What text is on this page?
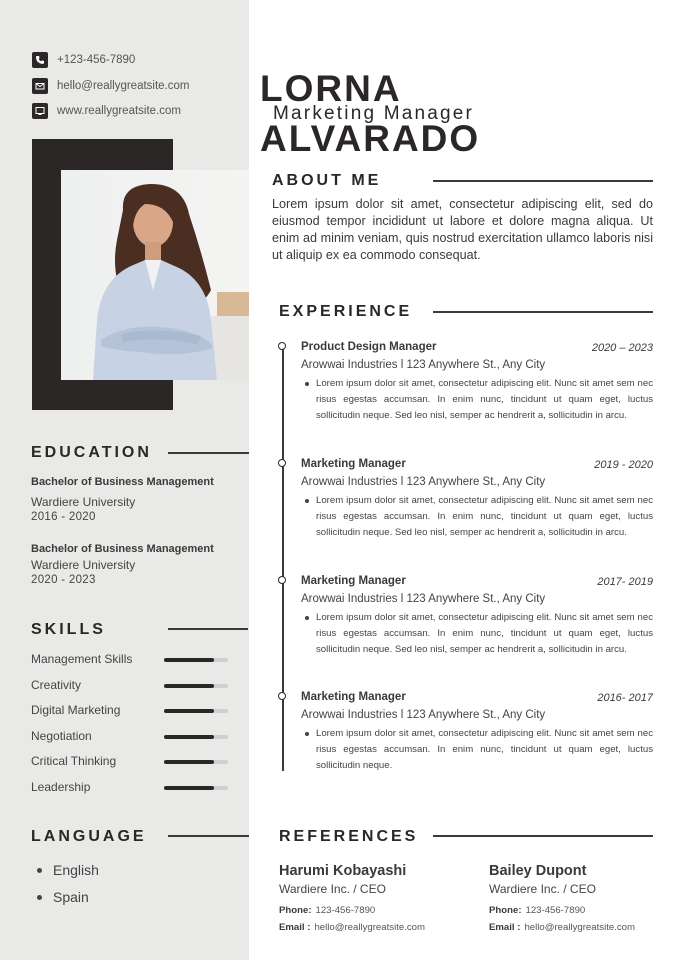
+123-456-7890
hello@reallygreatsite.com
www.reallygreatsite.com
LORNA
Marketing Manager
ALVARADO
ABOUT ME
Lorem ipsum dolor sit amet, consectetur adipiscing elit, sed do eiusmod tempor incididunt ut labore et dolore magna aliqua. Ut enim ad minim veniam, quis nostrud exercitation ullamco laboris nisi ut aliquip ex ea commodo consequat.
EDUCATION
Bachelor of Business Management
Wardiere University
2016 - 2020
Bachelor of Business Management
Wardiere University
2020 - 2023
SKILLS
Management Skills
Creativity
Digital Marketing
Negotiation
Critical Thinking
Leadership
LANGUAGE
English
Spain
EXPERIENCE
Product Design Manager	2020 – 2023
Arowwai Industries l 123 Anywhere St., Any City
Lorem ipsum dolor sit amet, consectetur adipiscing elit. Nunc sit amet sem nec risus egestas accumsan. In enim nunc, tincidunt ut quam eget, luctus sollicitudin neque. Sed leo nisl, semper ac hendrerit a, sollicitudin in arcu.
Marketing Manager	2019 - 2020
Arowwai Industries l 123 Anywhere St., Any City
Lorem ipsum dolor sit amet, consectetur adipiscing elit. Nunc sit amet sem nec risus egestas accumsan. In enim nunc, tincidunt ut quam eget, luctus sollicitudin neque. Sed leo nisl, semper ac hendrerit a, sollicitudin in arcu.
Marketing Manager	2017- 2019
Arowwai Industries l 123 Anywhere St., Any City
Lorem ipsum dolor sit amet, consectetur adipiscing elit. Nunc sit amet sem nec risus egestas accumsan. In enim nunc, tincidunt ut quam eget, luctus sollicitudin neque. Sed leo nisl, semper ac hendrerit a, sollicitudin in arcu.
Marketing Manager	2016- 2017
Arowwai Industries l 123 Anywhere St., Any City
Lorem ipsum dolor sit amet, consectetur adipiscing elit. Nunc sit amet sem nec risus egestas accumsan. In enim nunc, tincidunt ut quam eget, luctus sollicitudin neque.
REFERENCES
Harumi Kobayashi
Wardiere Inc. / CEO
Phone: 123-456-7890
Email : hello@reallygreatsite.com
Bailey Dupont
Wardiere Inc. / CEO
Phone: 123-456-7890
Email : hello@reallygreatsite.com
